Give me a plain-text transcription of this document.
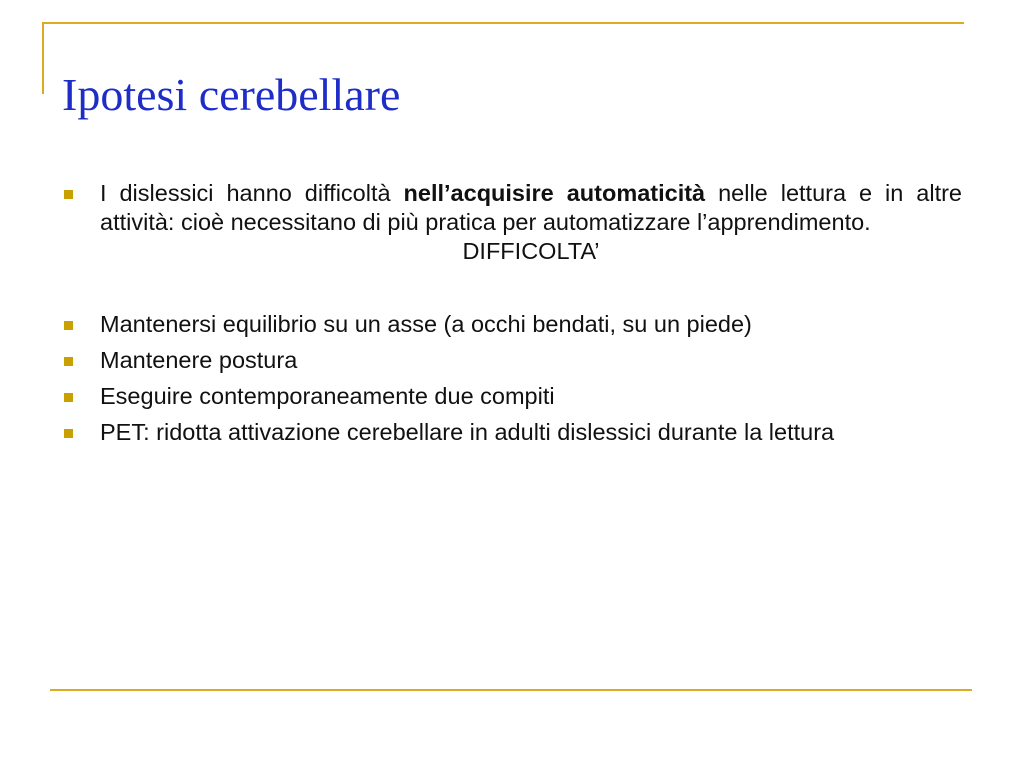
Ipotesi cerebellare
I dislessici hanno difficoltà nell’acquisire automaticità nelle lettura e in altre attività: cioè necessitano di più pratica per automatizzare l’apprendimento.
DIFFICOLTA’
Mantenersi equilibrio su un asse (a occhi bendati, su un piede)
Mantenere postura
Eseguire contemporaneamente due compiti
PET: ridotta attivazione cerebellare in adulti dislessici durante la lettura
